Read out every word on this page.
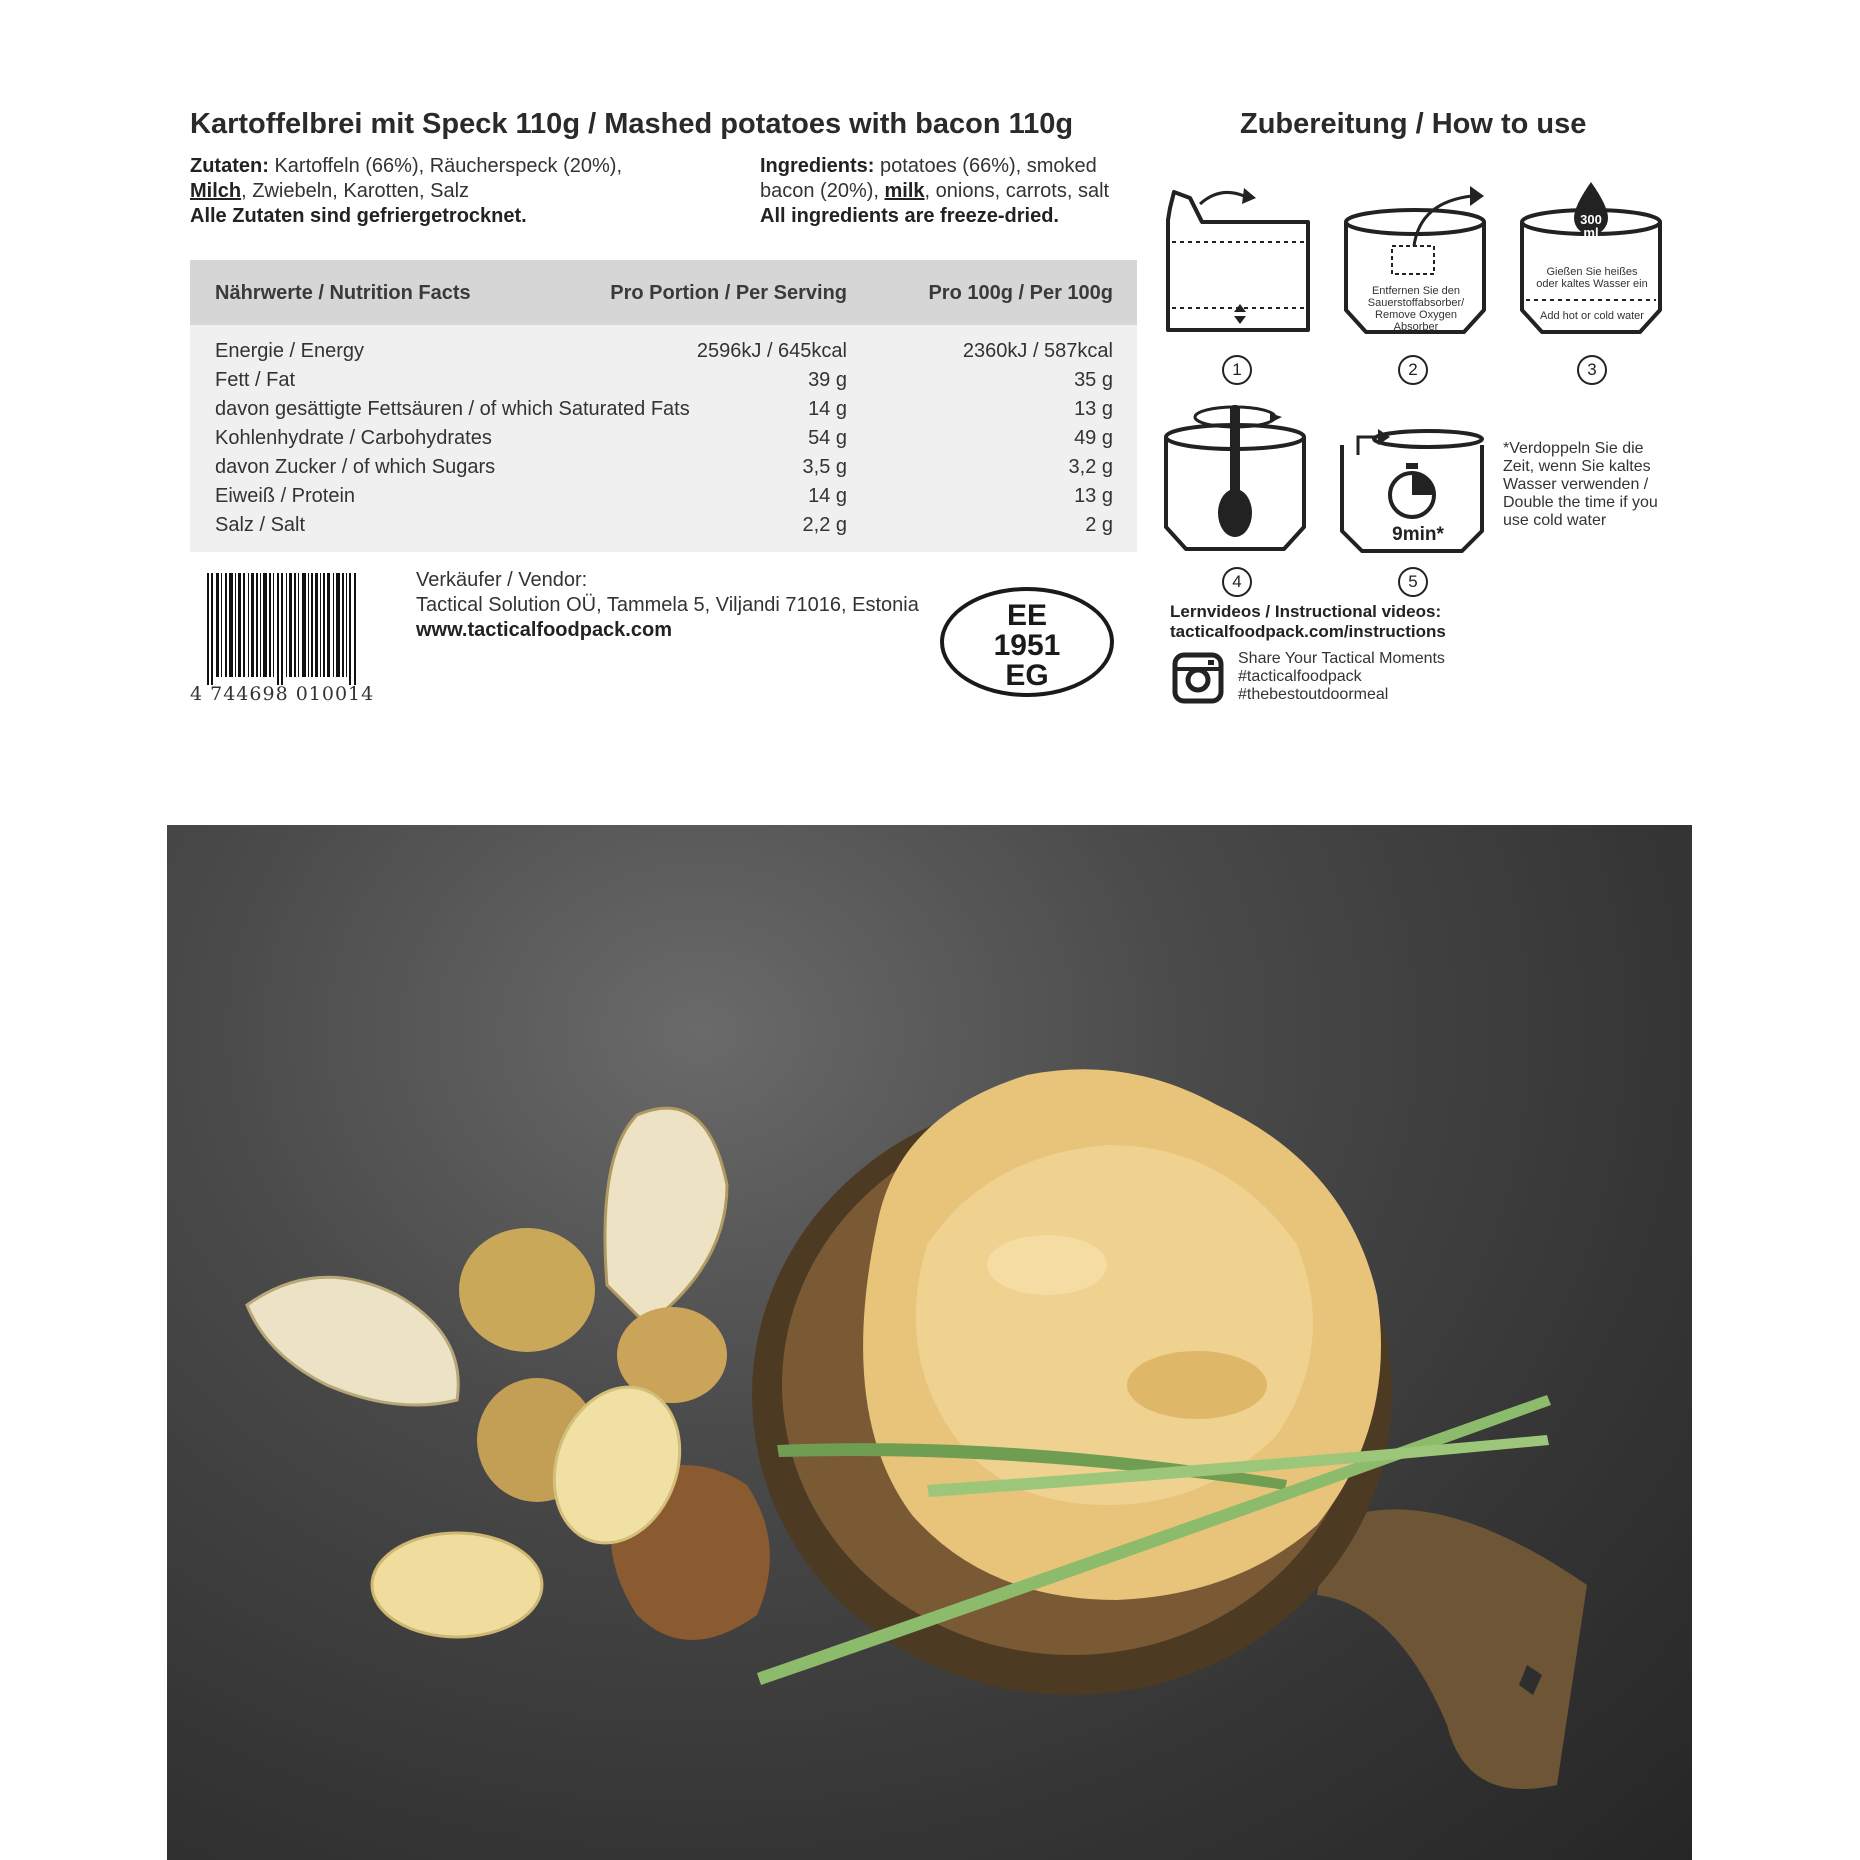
Kartoffelbrei mit Speck 110g / Mashed potatoes with bacon 110g	Zubereitung / How to use
Zutaten: Kartoffeln (66%), Räucherspeck (20%),
Milch, Zwiebeln, Karotten, Salz
Alle Zutaten sind gefriergetrocknet.
Ingredients: potatoes (66%), smoked
bacon (20%), milk, onions, carrots, salt
All ingredients are freeze-dried.
Nährwerte / Nutrition Facts	Pro Portion / Per Serving	Pro 100g / Per 100g
Energie / Energy	2596kJ / 645kcal	2360kJ / 587kcal
Fett / Fat	39 g	35 g
davon gesättigte Fettsäuren / of which Saturated Fats	14 g	13 g
Kohlenhydrate / Carbohydrates	54 g	49 g
davon Zucker / of which Sugars	3,5 g	3,2 g
Eiweiß / Protein	14 g	13 g
Salz / Salt	2,2 g	2 g
4 744698 010014
Verkäufer / Vendor:
Tactical Solution OÜ, Tammela 5, Viljandi 71016, Estonia
www.tacticalfoodpack.com	EE
1951
EG
1
Entfernen Sie den
Sauerstoffabsorber/
Remove Oxygen
Absorber
2
300
ml
Gießen Sie heißes
oder kaltes Wasser ein
Add hot or cold water
3
4
9min*
5
*Verdoppeln Sie die Zeit, wenn Sie kaltes Wasser verwenden / Double the time if you use cold water
Lernvideos / Instructional videos:
tacticalfoodpack.com/instructions
Share Your Tactical Moments
#tacticalfoodpack
#thebestoutdoormeal
